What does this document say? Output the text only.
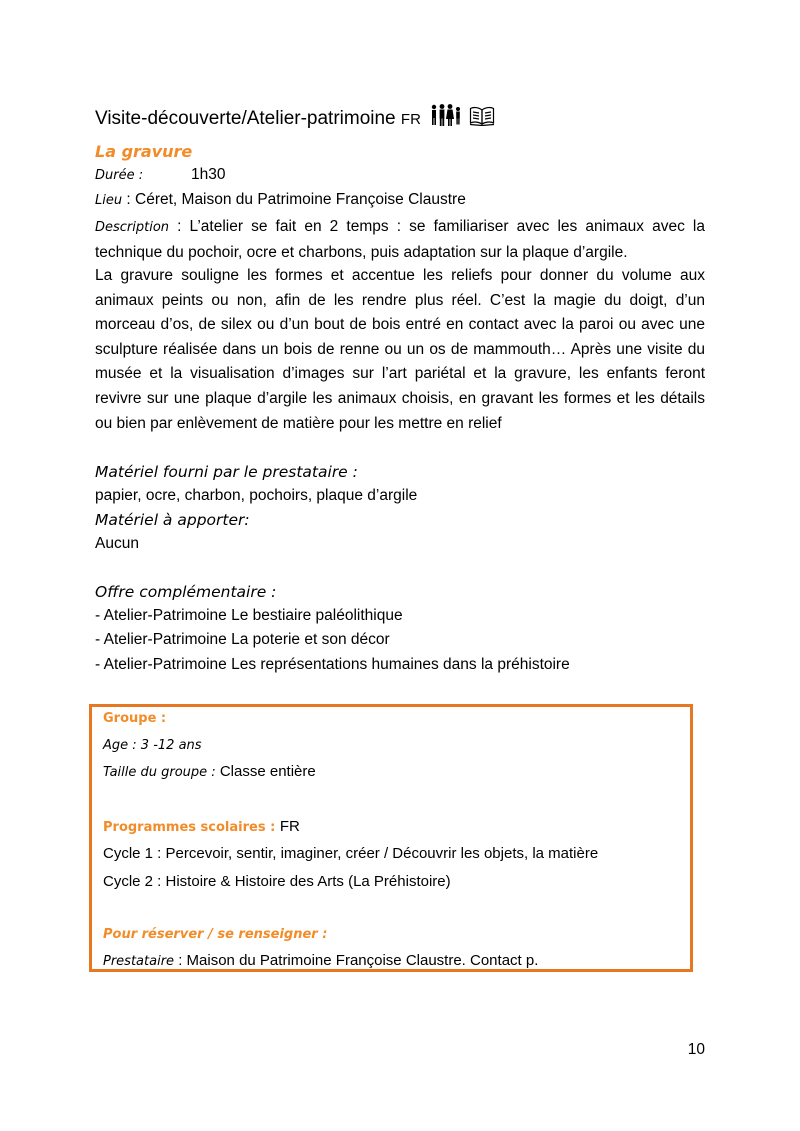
Visite-découverte/Atelier-patrimoine FR
La gravure
Durée :	1h30
Lieu : Céret, Maison du Patrimoine Françoise Claustre
Description : L’atelier se fait en 2 temps : se familiariser avec les animaux avec la technique du pochoir, ocre et charbons, puis adaptation sur la plaque d’argile.
La gravure souligne les formes et accentue les reliefs pour donner du volume aux animaux peints ou non, afin de les rendre plus réel. C’est la magie du doigt, d’un morceau d’os, de silex ou d’un bout de bois entré en contact avec la paroi ou avec une sculpture réalisée dans un bois de renne ou un os de mammouth… Après une visite du musée et la visualisation d’images sur l’art pariétal et la gravure, les enfants feront revivre sur une plaque d’argile les animaux choisis, en gravant les formes et les détails ou bien par enlèvement de matière pour les mettre en relief
Matériel fourni par le prestataire :
papier, ocre, charbon, pochoirs, plaque d’argile
Matériel à apporter:
Aucun
Offre complémentaire :
- Atelier-Patrimoine Le bestiaire paléolithique
- Atelier-Patrimoine La poterie et son décor
- Atelier-Patrimoine Les représentations humaines dans la préhistoire
Groupe :
Age : 3 -12 ans
Taille du groupe : Classe entière
Programmes scolaires : FR
Cycle 1 : Percevoir, sentir, imaginer, créer / Découvrir les objets, la matière
Cycle 2 : Histoire & Histoire des Arts (La Préhistoire)
Pour réserver / se renseigner :
Prestataire : Maison du Patrimoine Françoise Claustre. Contact p.
10
